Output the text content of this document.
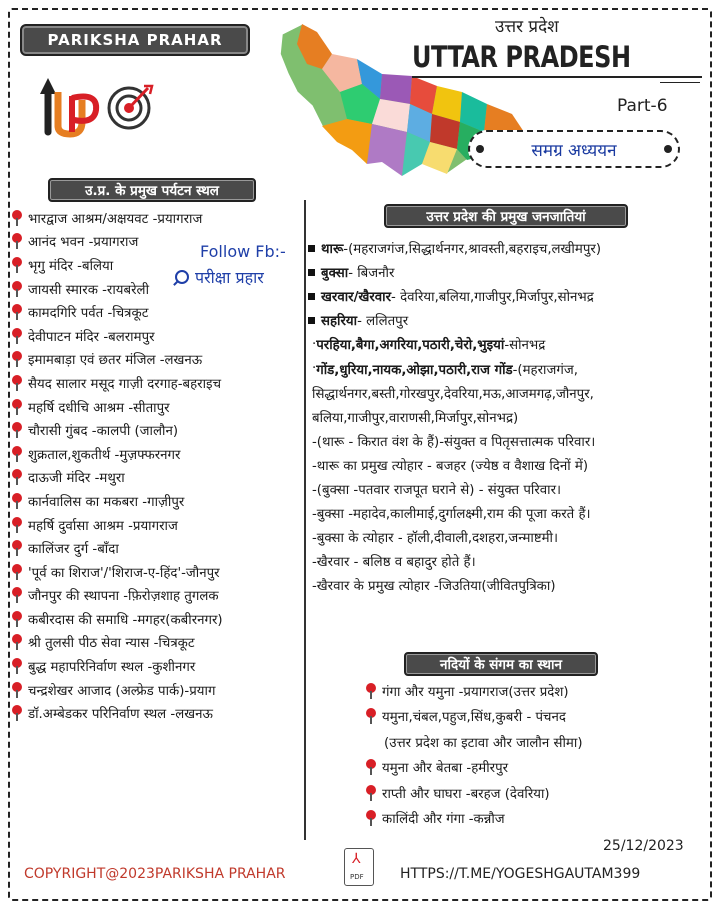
PARIKSHA PRAHAR
उत्तर प्रदेश
UTTAR PRADESH
Part-6
समग्र अध्ययन
उ.प्र. के प्रमुख पर्यटन स्थल
भारद्वाज आश्रम/अक्षयवट -प्रयागराज
आनंद भवन -प्रयागराज
भृगु मंदिर -बलिया
जायसी स्मारक -रायबरेली
कामदगिरि पर्वत -चित्रकूट
देवीपाटन मंदिर -बलरामपुर
इमामबाड़ा एवं छतर मंजिल -लखनऊ
सैयद सालार मसूद गाज़ी दरगाह-बहराइच
महर्षि दधीचि आश्रम -सीतापुर
चौरासी गुंबद -कालपी (जालौन)
शुक्रताल,शुकतीर्थ -मुज़फ्फरनगर
दाऊजी मंदिर -मथुरा
कार्नवालिस का मकबरा -गाज़ीपुर
महर्षि दुर्वासा आश्रम -प्रयागराज
कालिंजर दुर्ग -बाँदा
'पूर्व का शिराज'/'शिराज-ए-हिंद'-जौनपुर
जौनपुर की स्थापना -फ़िरोज़शाह तुगलक
कबीरदास की समाधि -मगहर(कबीरनगर)
श्री तुलसी पीठ सेवा न्यास -चित्रकूट
बुद्ध महापरिनिर्वाण स्थल -कुशीनगर
चन्द्रशेखर आजाद (अल्फ्रेड पार्क)-प्रयाग
डॉ.अम्बेडकर परिनिर्वाण स्थल -लखनऊ
Follow Fb:-
परीक्षा प्रहार
उत्तर प्रदेश की प्रमुख जनजातियां
थारू -(महराजगंज,सिद्धार्थनगर,श्रावस्ती,बहराइच,लखीमपुर)
बुक्सा - बिजनौर
खरवार/खैरवार - देवरिया,बलिया,गाजीपुर,मिर्जापुर,सोनभद्र
सहरिया - ललितपुर
· परहिया,बैगा,अगरिया,पठारी,चेरो,भुइयां -सोनभद्र
· गोंड,धुरिया,नायक,ओझा,पठारी,राज गोंड -(महराजगंज,
सिद्धार्थनगर,बस्ती,गोरखपुर,देवरिया,मऊ,आजमगढ़,जौनपुर,
बलिया,गाजीपुर,वाराणसी,मिर्जापुर,सोनभद्र)
-(थारू - किरात वंश के हैं)-संयुक्त व पितृसत्तात्मक परिवार।
-थारू का प्रमुख त्योहार - बजहर (ज्येष्ठ व वैशाख दिनों में)
-(बुक्सा -पतवार राजपूत घराने से) - संयुक्त परिवार।
-बुक्सा -महादेव,कालीमाई,दुर्गालक्ष्मी,राम की पूजा करते हैं।
-बुक्सा के त्योहार - हॉली,दीवाली,दशहरा,जन्माष्टमी।
-खैरवार - बलिष्ठ व बहादुर होते हैं।
-खैरवार के प्रमुख त्योहार -जिउतिया(जीवितपुत्रिका)
नदियों के संगम का स्थान
गंगा और यमुना -प्रयागराज(उत्तर प्रदेश)
यमुना,चंबल,पहुज,सिंध,कुबरी - पंचनद
(उत्तर प्रदेश का इटावा और जालौन सीमा)
यमुना और बेतबा -हमीरपुर
राप्ती और घाघरा -बरहज (देवरिया)
कालिंदी और गंगा -कन्नौज
25/12/2023
COPYRIGHT@2023PARIKSHA PRAHAR
⅄
PDF	HTTPS://T.ME/YOGESHGAUTAM399
